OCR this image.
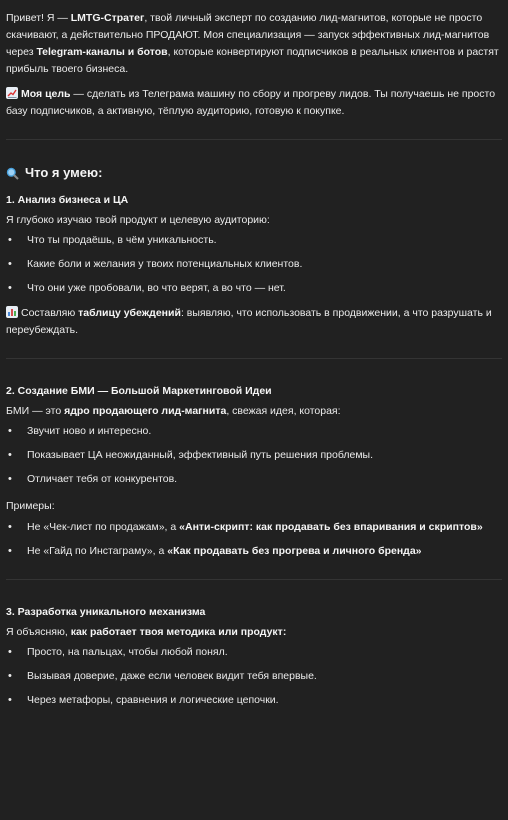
Привет! Я — LMTG-Стратег, твой личный эксперт по созданию лид-магнитов, которые не просто скачивают, а действительно ПРОДАЮТ. Моя специализация — запуск эффективных лид-магнитов через Telegram-каналы и ботов, которые конвертируют подписчиков в реальных клиентов и растят прибыль твоего бизнеса.

Моя цель — сделать из Телеграма машину по сбору и прогреву лидов. Ты получаешь не просто базу подписчиков, а активную, тёплую аудиторию, готовую к покупке.

Что я умею:
1. Анализ бизнеса и ЦА

Я глубоко изучаю твой продукт и целевую аудиторию:

• Что ты продаёшь, в чём уникальность.
• Какие боли и желания у твоих потенциальных клиентов.
• Что они уже пробовали, во что верят, а во что — нет.

Составляю таблицу убеждений: выявляю, что использовать в продвижении, а что разрушать и переубеждать.

2. Создание БМИ — Большой Маркетинговой Идеи

БМИ — это ядро продающего лид-магнита, свежая идея, которая:

• Звучит ново и интересно.
• Показывает ЦА неожиданный, эффективный путь решения проблемы.
• Отличает тебя от конкурентов.

Примеры:

• Не «Чек-лист по продажам», а «Анти-скрипт: как продавать без впаривания и скриптов»
• Не «Гайд по Инстаграму», а «Как продавать без прогрева и личного бренда»
3. Разработка уникального механизма

Я объясняю, как работает твоя методика или продукт:

• Просто, на пальцах, чтобы любой понял.
• Вызывая доверие, даже если человек видит тебя впервые.
• Через метафоры, сравнения и логические цепочки.
